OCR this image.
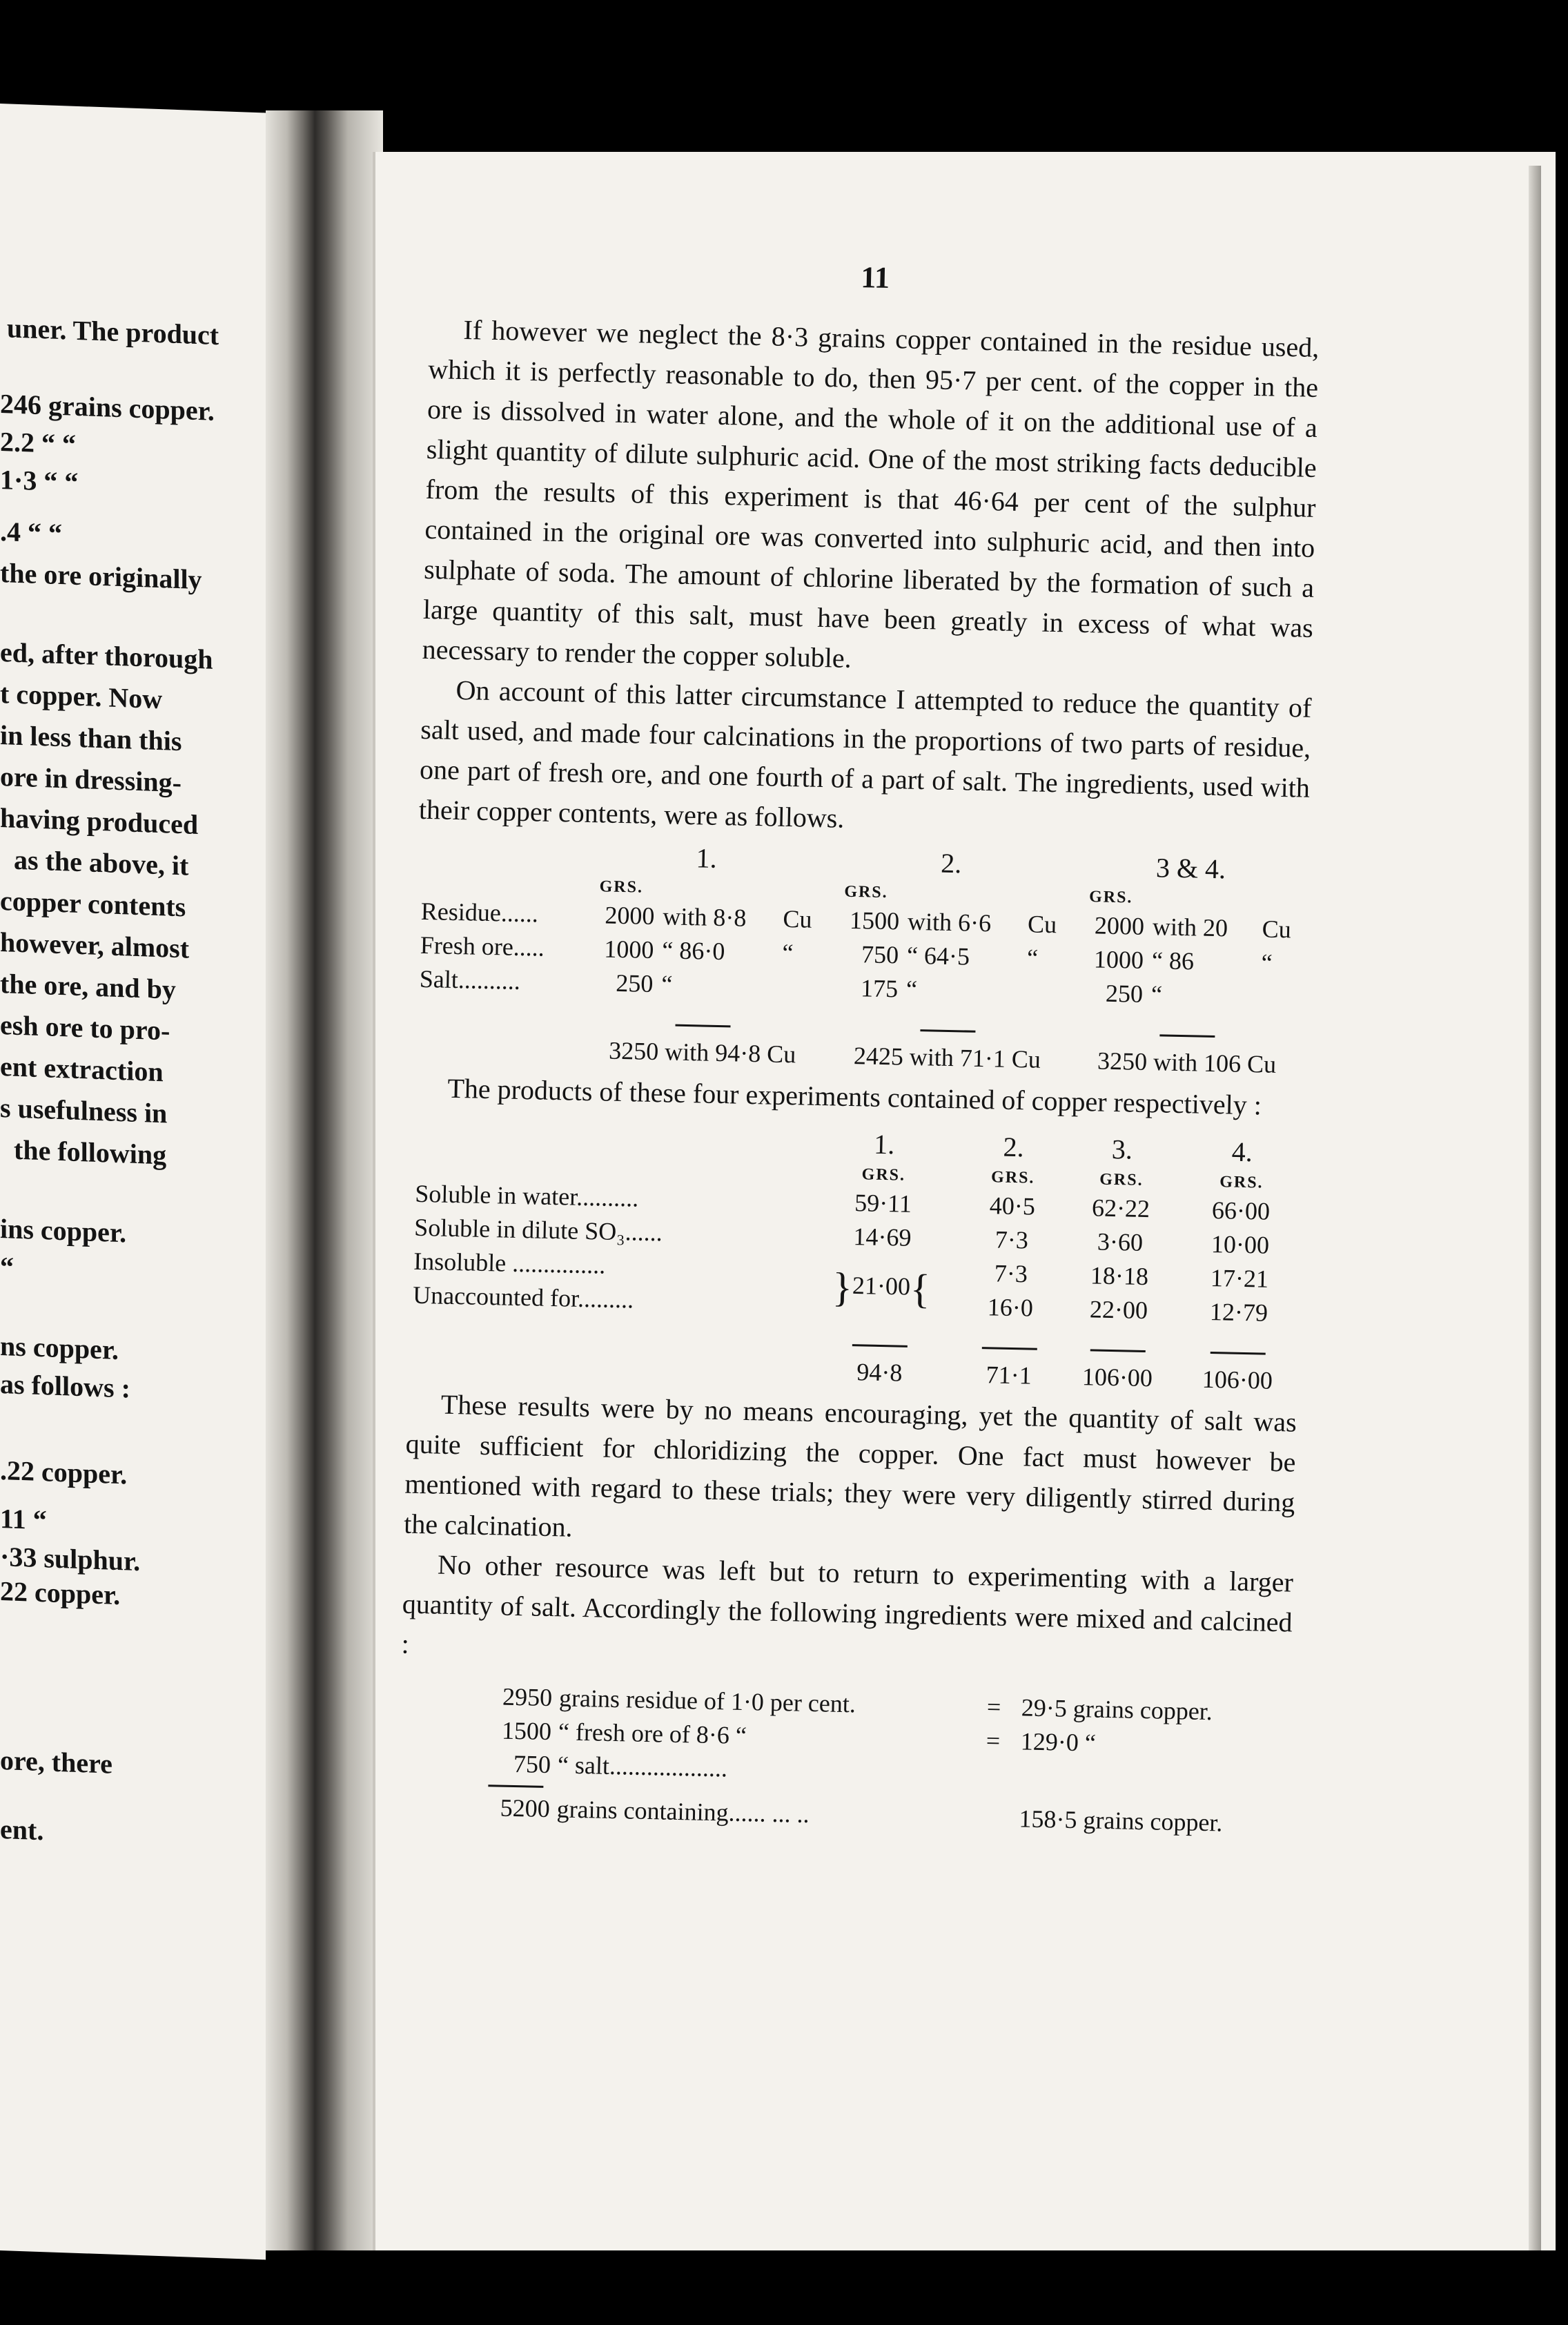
uner. The product
246 grains copper.
2.2 “ “
1·3 “ “
.4 “ “
the ore originally
ed, after thorough
t copper. Now
in less than this
ore in dressing-
having produced
as the above, it
copper contents
however, almost
the ore, and by
esh ore to pro-
ent extraction
s usefulness in
the following
ins copper.
“
ns copper.
as follows :
.22 copper.
11 “
·33 sulphur.
22 copper.
ore, there
ent.
11

If however we neglect the 8·3 grains copper contained in the residue used, which it is perfectly reasonable to do, then 95·7 per cent. of the copper in the ore is dissolved in water alone, and the whole of it on the additional use of a slight quantity of dilute sulphuric acid. One of the most striking facts deducible from the results of this experiment is that 46·64 per cent of the sulphur contained in the original ore was converted into sulphuric acid, and then into sulphate of soda. The amount of chlorine liberated by the formation of such a large quantity of this salt, must have been greatly in excess of what was necessary to render the copper soluble.

On account of this latter circumstance I attempted to reduce the quantity of salt used, and made four calcinations in the proportions of two parts of residue, one part of fresh ore, and one fourth of a part of salt. The ingredients, used with their copper contents, were as follows.

	1.			2.			3 & 4.		
	GRS.			GRS.			GRS.		
Residue......	2000	with 8·8	Cu	1500	with 6·6	Cu	2000	with 20	Cu
Fresh ore.....	1000	“ 86·0	“	750	“ 64·5	“	1000	“ 86	“
Salt..........	250	“		175	“		250	“	

	3250 with 94·8 Cu			2425 with 71·1 Cu			3250 with 106 Cu		

The products of these four experiments contained of copper respectively :

	1.	2.	3.	4.
	GRS.	GRS.	GRS.	GRS.
Soluble in water..........	59·11	40·5	62·22	66·00
Soluble in dilute SO₃......	14·69	7·3	3·60	10·00
Insoluble ...............	}21·00{	7·3	18·18	17·21
Unaccounted for.........		16·0	22·00	12·79

	94·8	71·1	106·00	106·00

These results were by no means encouraging, yet the quantity of salt was quite sufficient for chloridizing the copper. One fact must however be mentioned with regard to these trials; they were very diligently stirred during the calcination.

No other resource was left but to return to experimenting with a larger quantity of salt. Accordingly the following ingredients were mixed and calcined :

2950 grains residue of 1·0 per cent.	= 29·5 grains copper.
1500 “ fresh ore of 8·6 “	= 129·0 “
750 “ salt...................
5200 grains containing...... ... ..	158·5 grains copper.
